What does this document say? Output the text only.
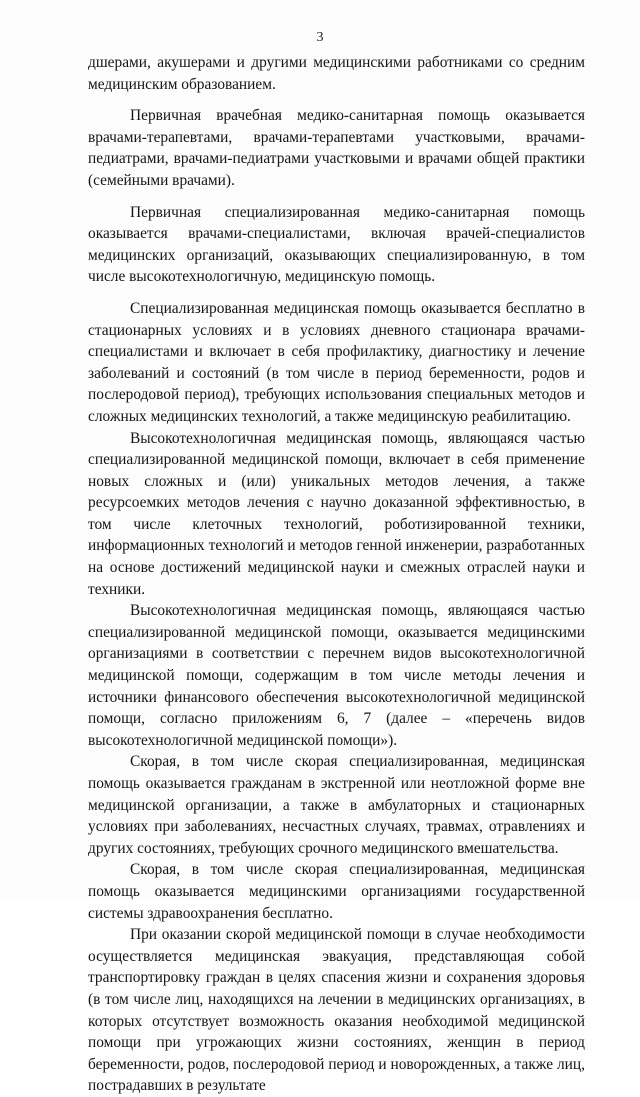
3

дшерами, акушерами и другими медицинскими работниками со средним медицинским образованием.

Первичная врачебная медико-санитарная помощь оказывается врачами-терапевтами, врачами-терапевтами участковыми, врачами-педиатрами, врачами-педиатрами участковыми и врачами общей практики (семейными врачами).

Первичная специализированная медико-санитарная помощь оказывается врачами-специалистами, включая врачей-специалистов медицинских организаций, оказывающих специализированную, в том числе высокотехнологичную, медицинскую помощь.

Специализированная медицинская помощь оказывается бесплатно в стационарных условиях и в условиях дневного стационара врачами-специалистами и включает в себя профилактику, диагностику и лечение заболеваний и состояний (в том числе в период беременности, родов и послеродовой период), требующих использования специальных методов и сложных медицинских технологий, а также медицинскую реабилитацию.

Высокотехнологичная медицинская помощь, являющаяся частью специализированной медицинской помощи, включает в себя применение новых сложных и (или) уникальных методов лечения, а также ресурсоемких методов лечения с научно доказанной эффективностью, в том числе клеточных технологий, роботизированной техники, информационных технологий и методов генной инженерии, разработанных на основе достижений медицинской науки и смежных отраслей науки и техники.

Высокотехнологичная медицинская помощь, являющаяся частью специализированной медицинской помощи, оказывается медицинскими организациями в соответствии с перечнем видов высокотехнологичной медицинской помощи, содержащим в том числе методы лечения и источники финансового обеспечения высокотехнологичной медицинской помощи, согласно приложениям 6, 7 (далее – «перечень видов высокотехнологичной медицинской помощи»).

Скорая, в том числе скорая специализированная, медицинская помощь оказывается гражданам в экстренной или неотложной форме вне медицинской организации, а также в амбулаторных и стационарных условиях при заболеваниях, несчастных случаях, травмах, отравлениях и других состояниях, требующих срочного медицинского вмешательства.

Скорая, в том числе скорая специализированная, медицинская помощь оказывается медицинскими организациями государственной системы здравоохранения бесплатно.

При оказании скорой медицинской помощи в случае необходимости осуществляется медицинская эвакуация, представляющая собой транспортировку граждан в целях спасения жизни и сохранения здоровья (в том числе лиц, находящихся на лечении в медицинских организациях, в которых отсутствует возможность оказания необходимой медицинской помощи при угрожающих жизни состояниях, женщин в период беременности, родов, послеродовой период и новорожденных, а также лиц, пострадавших в результате
